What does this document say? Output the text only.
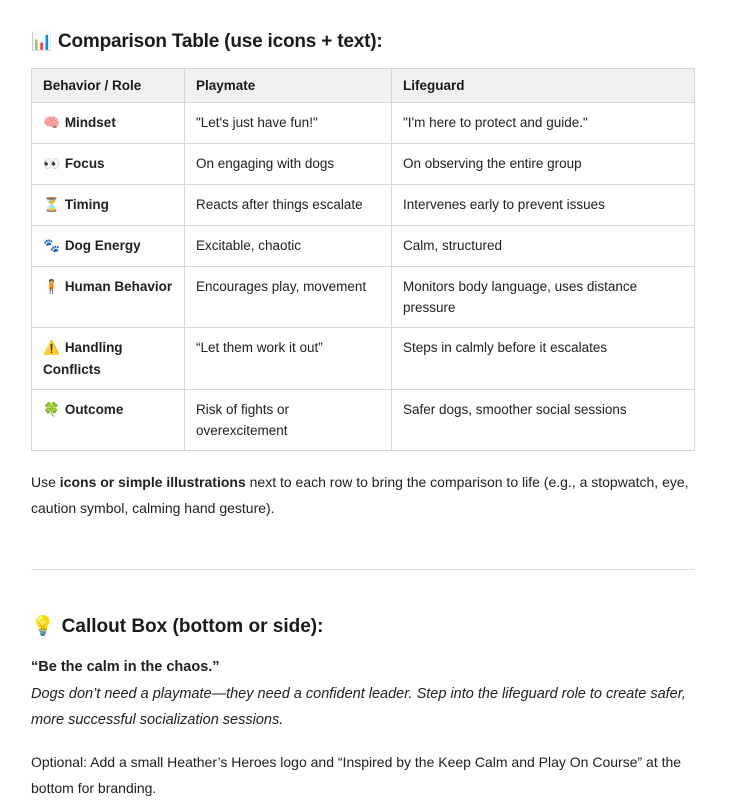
📊 Comparison Table (use icons + text):
Behavior / Role	Playmate	Lifeguard
🧠 Mindset	"Let's just have fun!"	"I'm here to protect and guide."
👀 Focus	On engaging with dogs	On observing the entire group
⏳ Timing	Reacts after things escalate	Intervenes early to prevent issues
🐾 Dog Energy	Excitable, chaotic	Calm, structured
🧍 Human Behavior	Encourages play, movement	Monitors body language, uses distance pressure
⚠️ Handling Conflicts	“Let them work it out”	Steps in calmly before it escalates
🍀 Outcome	Risk of fights or overexcitement	Safer dogs, smoother social sessions

Use icons or simple illustrations next to each row to bring the comparison to life (e.g., a stopwatch, eye, caution symbol, calming hand gesture).

💡 Callout Box (bottom or side):

“Be the calm in the chaos.”

Dogs don’t need a playmate—they need a confident leader. Step into the lifeguard role to create safer, more successful socialization sessions.

Optional: Add a small Heather’s Heroes logo and “Inspired by the Keep Calm and Play On Course” at the bottom for branding.
